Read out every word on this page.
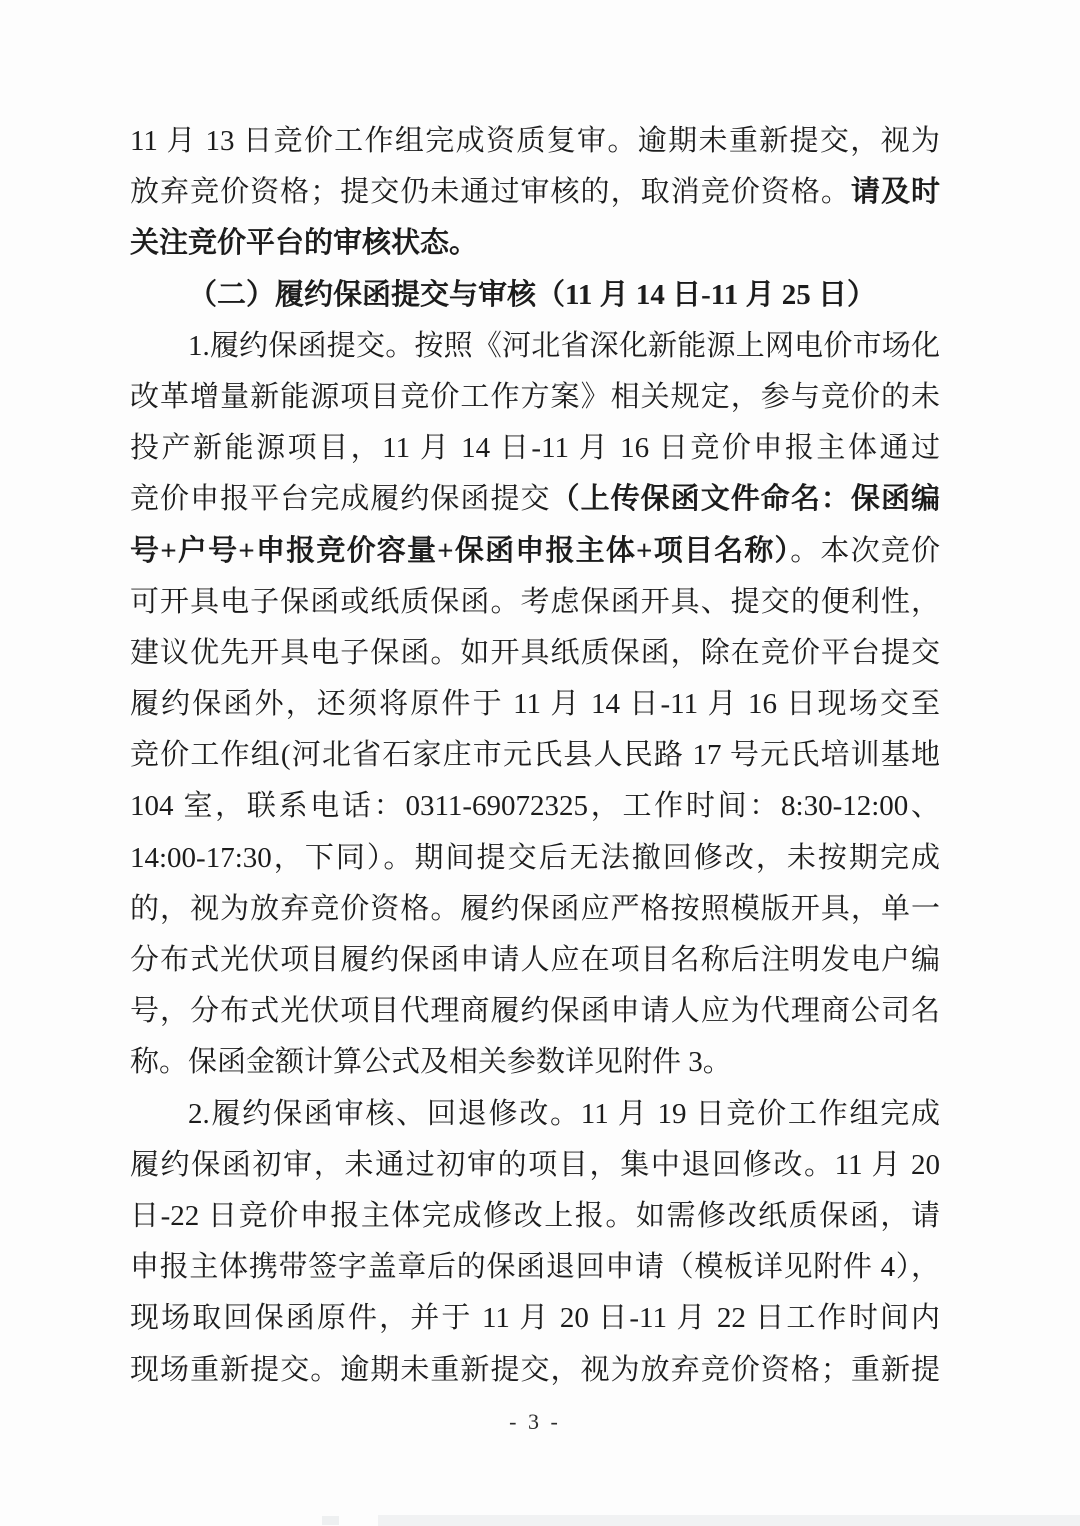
11 月 13 日竞价工作组完成资质复审。逾期未重新提交，视为
放弃竞价资格；提交仍未通过审核的，取消竞价资格。请及时
关注竞价平台的审核状态。
（二）履约保函提交与审核（11 月 14 日-11 月 25 日）
1.履约保函提交。按照《河北省深化新能源上网电价市场化
改革增量新能源项目竞价工作方案》相关规定，参与竞价的未
投产新能源项目，11 月 14 日-11 月 16 日竞价申报主体通过
竞价申报平台完成履约保函提交（上传保函文件命名：保函编
号+户号+申报竞价容量+保函申报主体+项目名称）。本次竞价
可开具电子保函或纸质保函。考虑保函开具、提交的便利性，
建议优先开具电子保函。如开具纸质保函，除在竞价平台提交
履约保函外，还须将原件于 11 月 14 日-11 月 16 日现场交至
竞价工作组(河北省石家庄市元氏县人民路 17 号元氏培训基地
104 室，联系电话：0311-69072325，工作时间：8:30-12:00、
14:00-17:30，下同）。期间提交后无法撤回修改，未按期完成
的，视为放弃竞价资格。履约保函应严格按照模版开具，单一
分布式光伏项目履约保函申请人应在项目名称后注明发电户编
号，分布式光伏项目代理商履约保函申请人应为代理商公司名
称。保函金额计算公式及相关参数详见附件 3。
2.履约保函审核、回退修改。11 月 19 日竞价工作组完成
履约保函初审，未通过初审的项目，集中退回修改。11 月 20
日-22 日竞价申报主体完成修改上报。如需修改纸质保函，请
申报主体携带签字盖章后的保函退回申请（模板详见附件 4），
现场取回保函原件，并于 11 月 20 日-11 月 22 日工作时间内
现场重新提交。逾期未重新提交，视为放弃竞价资格；重新提
- 3 -
